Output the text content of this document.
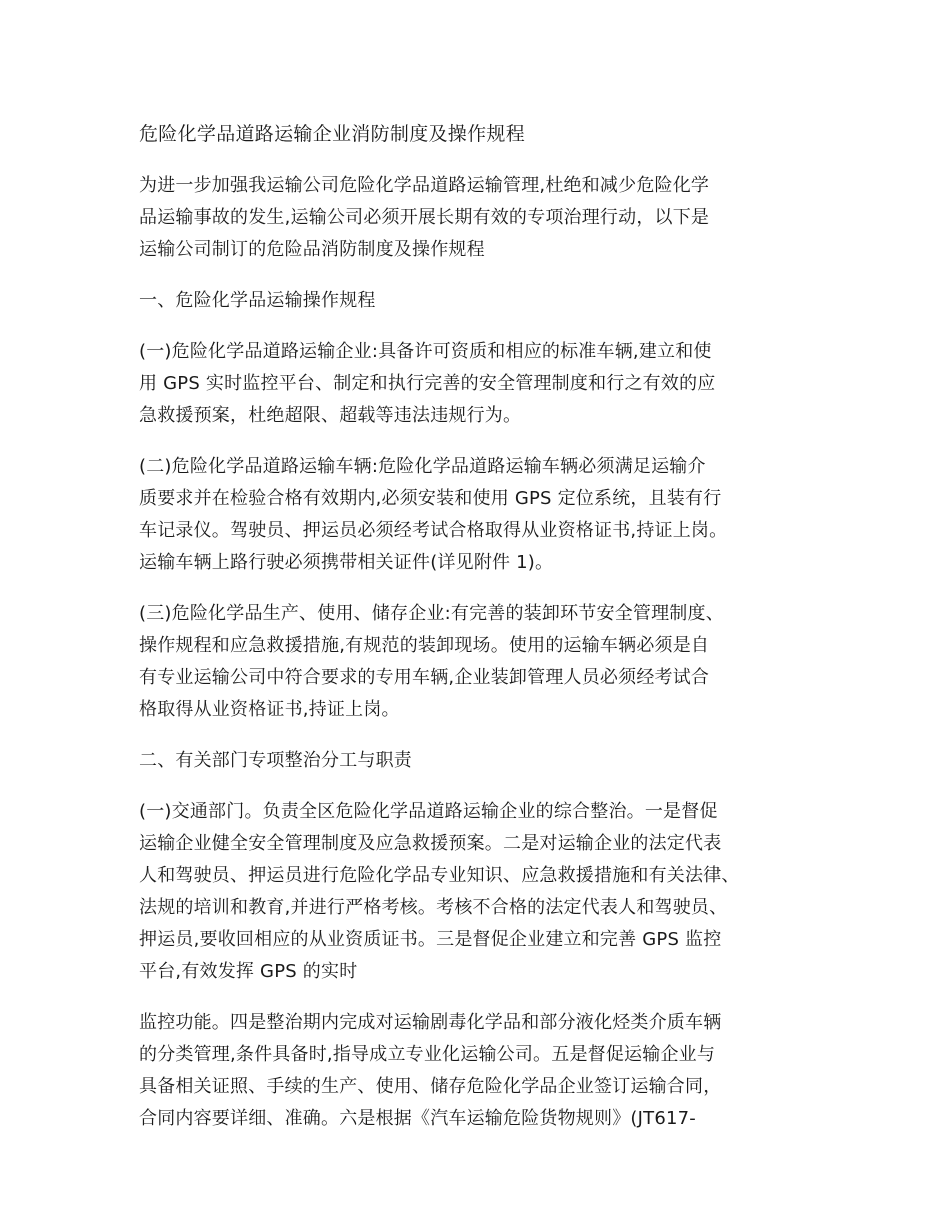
危险化学品道路运输企业消防制度及操作规程
为进一步加强我运输公司危险化学品道路运输管理,杜绝和减少危险化学
品运输事故的发生,运输公司必须开展长期有效的专项治理行动，以下是
运输公司制订的危险品消防制度及操作规程
一、危险化学品运输操作规程
(一)危险化学品道路运输企业:具备许可资质和相应的标准车辆,建立和使
用 GPS 实时监控平台、制定和执行完善的安全管理制度和行之有效的应
急救援预案，杜绝超限、超载等违法违规行为。
(二)危险化学品道路运输车辆:危险化学品道路运输车辆必须满足运输介
质要求并在检验合格有效期内,必须安装和使用 GPS 定位系统，且装有行
车记录仪。驾驶员、押运员必须经考试合格取得从业资格证书,持证上岗。
运输车辆上路行驶必须携带相关证件(详见附件 1)。
(三)危险化学品生产、使用、储存企业:有完善的装卸环节安全管理制度、
操作规程和应急救援措施,有规范的装卸现场。使用的运输车辆必须是自
有专业运输公司中符合要求的专用车辆,企业装卸管理人员必须经考试合
格取得从业资格证书,持证上岗。
二、有关部门专项整治分工与职责
(一)交通部门。负责全区危险化学品道路运输企业的综合整治。一是督促
运输企业健全安全管理制度及应急救援预案。二是对运输企业的法定代表
人和驾驶员、押运员进行危险化学品专业知识、应急救援措施和有关法律、
法规的培训和教育,并进行严格考核。考核不合格的法定代表人和驾驶员、
押运员,要收回相应的从业资质证书。三是督促企业建立和完善 GPS 监控
平台,有效发挥 GPS 的实时
监控功能。四是整治期内完成对运输剧毒化学品和部分液化烃类介质车辆
的分类管理,条件具备时,指导成立专业化运输公司。五是督促运输企业与
具备相关证照、手续的生产、使用、储存危险化学品企业签订运输合同，
合同内容要详细、准确。六是根据《汽车运输危险货物规则》(JT617-
